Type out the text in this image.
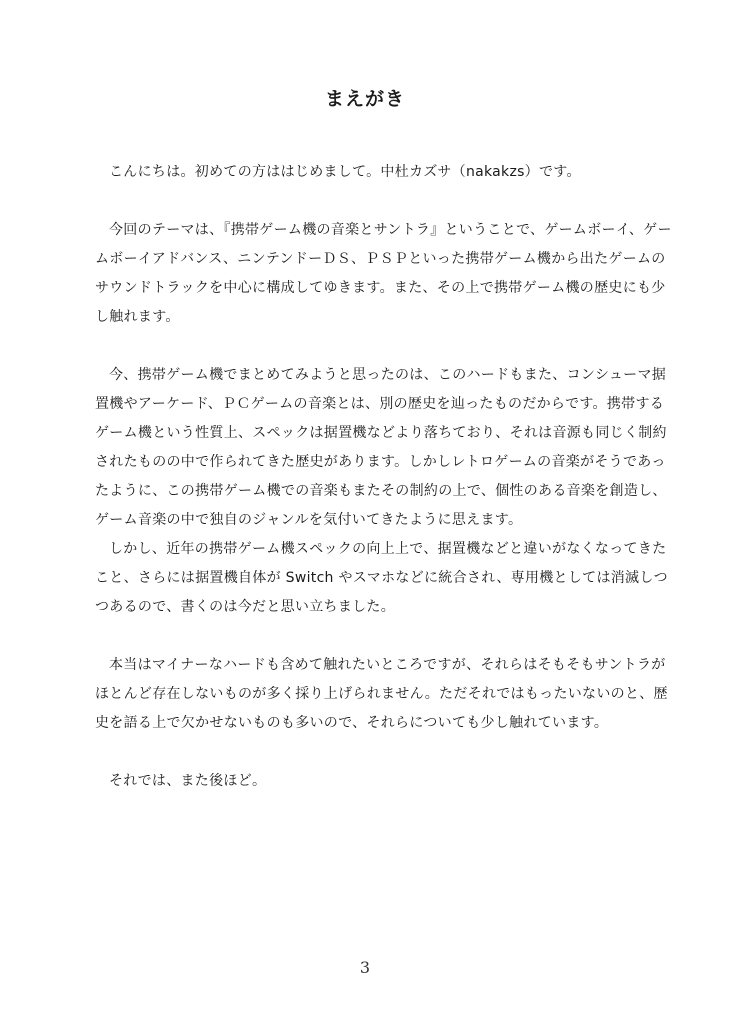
まえがき

こんにちは。初めての方ははじめまして。中杜カズサ（nakakzs）です。

今回のテーマは、『携帯ゲーム機の音楽とサントラ』ということで、ゲームボーイ、ゲームボーイアドバンス、ニンテンドーＤＳ、ＰＳＰといった携帯ゲーム機から出たゲームのサウンドトラックを中心に構成してゆきます。また、その上で携帯ゲーム機の歴史にも少し触れます。

今、携帯ゲーム機でまとめてみようと思ったのは、このハードもまた、コンシューマ据置機やアーケード、ＰＣゲームの音楽とは、別の歴史を辿ったものだからです。携帯するゲーム機という性質上、スペックは据置機などより落ちており、それは音源も同じく制約されたものの中で作られてきた歴史があります。しかしレトロゲームの音楽がそうであったように、この携帯ゲーム機での音楽もまたその制約の上で、個性のある音楽を創造し、ゲーム音楽の中で独自のジャンルを気付いてきたように思えます。

しかし、近年の携帯ゲーム機スペックの向上上で、据置機などと違いがなくなってきたこと、さらには据置機自体が Switch やスマホなどに統合され、専用機としては消滅しつつあるので、書くのは今だと思い立ちました。

本当はマイナーなハードも含めて触れたいところですが、それらはそもそもサントラがほとんど存在しないものが多く採り上げられません。ただそれではもったいないのと、歴史を語る上で欠かせないものも多いので、それらについても少し触れています。

それでは、また後ほど。

3
